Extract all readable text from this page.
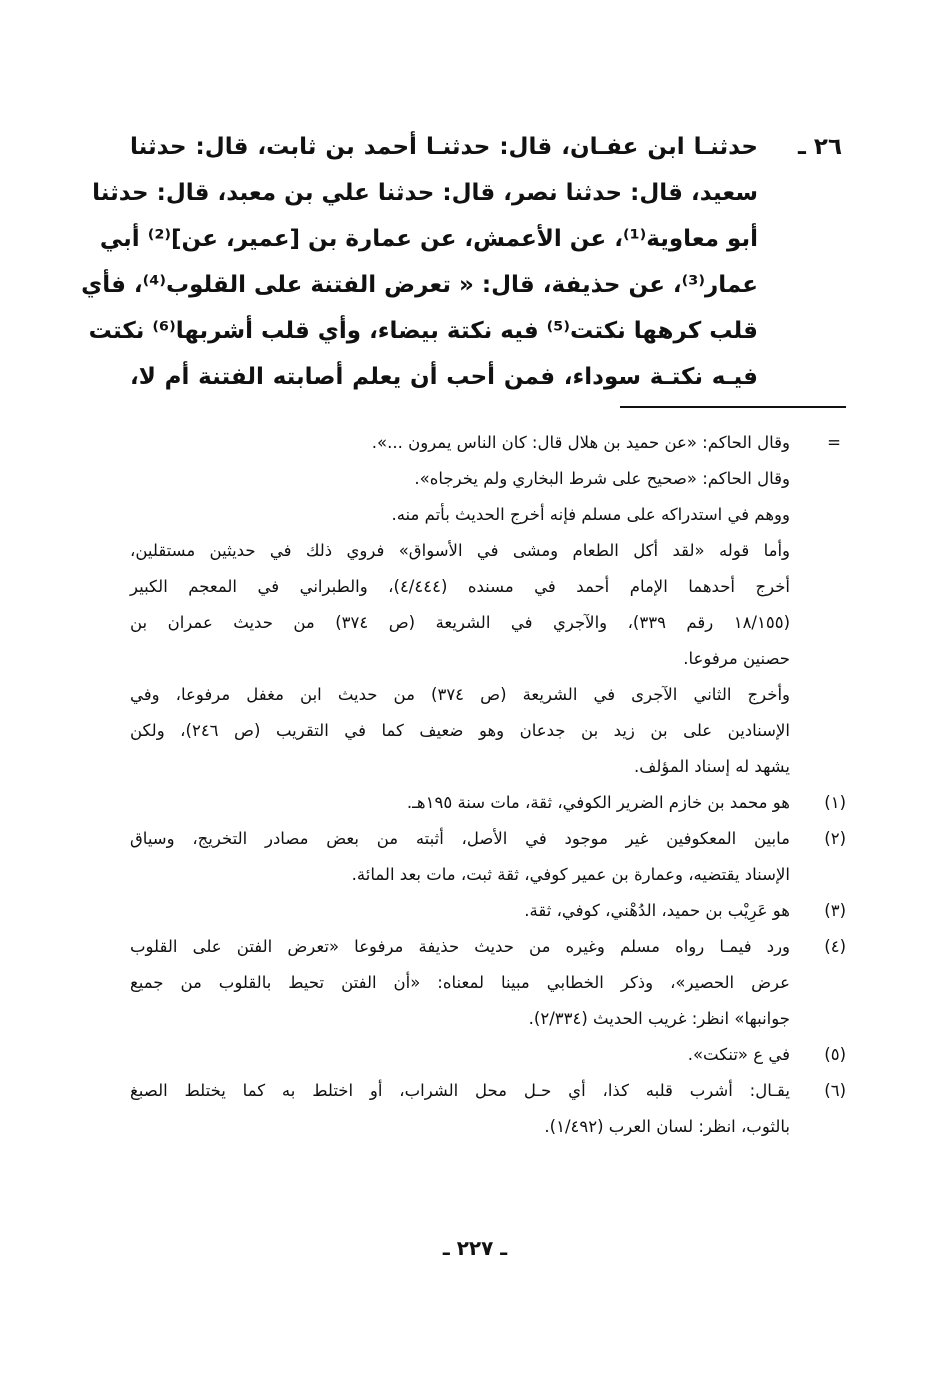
٢٦ ـ
حدثنـا ابن عفـان، قال: حدثنـا أحمد بن ثابت، قال: حدثنا
سعيد، قال: حدثنا نصر، قال: حدثنا علي بن معبد، قال: حدثنا
أبو معاوية⁽¹⁾، عن الأعمش، عن عمارة بن [عمير، عن]⁽²⁾ أبي
عمار⁽³⁾، عن حذيفة، قال: « تعرض الفتنة على القلوب⁽⁴⁾، فأي
قلب كرهها نكتت⁽⁵⁾ فيه نكتة بيضاء، وأي قلب أشربها⁽⁶⁾ نكتت
فيـه نكتـة سوداء، فمن أحب أن يعلم أصابته الفتنة أم لا،
=
وقال الحاكم: «عن حميد بن هلال قال: كان الناس يمرون ...».
وقال الحاكم: «صحيح على شرط البخاري ولم يخرجاه».
ووهم في استدراكه على مسلم فإنه أخرج الحديث بأتم منه.
وأما قوله «لقد أكل الطعام ومشى في الأسواق» فروي ذلك في حديثين مستقلين،
أخرج أحدهما الإمام أحمد في مسنده (٤/٤٤٤)، والطبراني في المعجم الكبير
(١٨/١٥٥ رقم ٣٣٩)، والآجري في الشريعة (ص ٣٧٤) من حديث عمران بن
حصنين مرفوعا.
وأخرج الثاني الآجرى في الشريعة (ص ٣٧٤) من حديث ابن مغفل مرفوعا، وفي
الإسنادين على بن زيد بن جدعان وهو ضعيف كما في التقريب (ص ٢٤٦)، ولكن
يشهد له إسناد المؤلف.
(١)
هو محمد بن خازم الضرير الكوفي، ثقة، مات سنة ١٩٥هـ.
(٢)
مابين المعكوفين غير موجود في الأصل، أثبته من بعض مصادر التخريج، وسياق
الإسناد يقتضيه، وعمارة بن عمير كوفي، ثقة ثبت، مات بعد المائة.
(٣)
هو عَرِيْب بن حميد، الدُهْني، كوفي، ثقة.
(٤)
ورد فيمـا رواه مسلم وغيره من حديث حذيفة مرفوعا «تعرض الفتن على القلوب
عرض الحصير»، وذكر الخطابي مبينا لمعناه: «أن الفتن تحيط بالقلوب من جميع
جوانبها» انظر: غريب الحديث (٢/٣٣٤).
(٥)
في ع «تنكت».
(٦)
يقـال: أشرب قلبه كذا، أي حـل محل الشراب، أو اختلط به كما يختلط الصبغ
بالثوب، انظر: لسان العرب (١/٤٩٢).
ـ ٢٢٧ ـ
